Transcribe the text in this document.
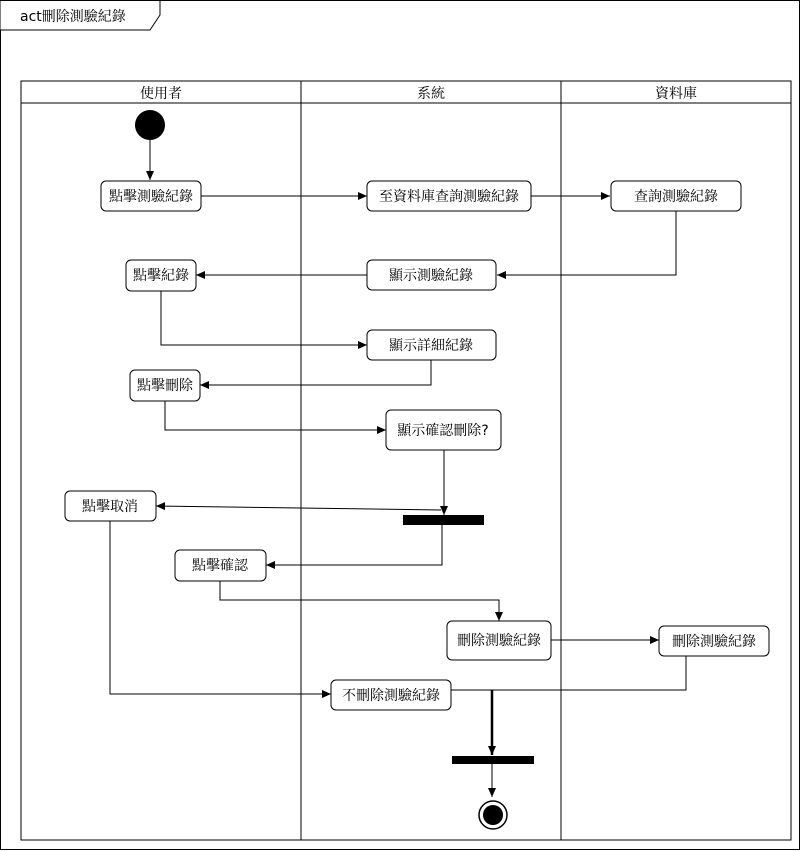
act刪除測驗紀錄
使用者	系統	資料庫
點擊測驗紀錄	至資料庫查詢測驗紀錄	查詢測驗紀錄
顯示測驗紀錄
點擊紀錄
顯示詳細紀錄
點擊刪除
顯示確認刪除?
點擊取消
點擊確認
刪除測驗紀錄	刪除測驗紀錄
不刪除測驗紀錄
